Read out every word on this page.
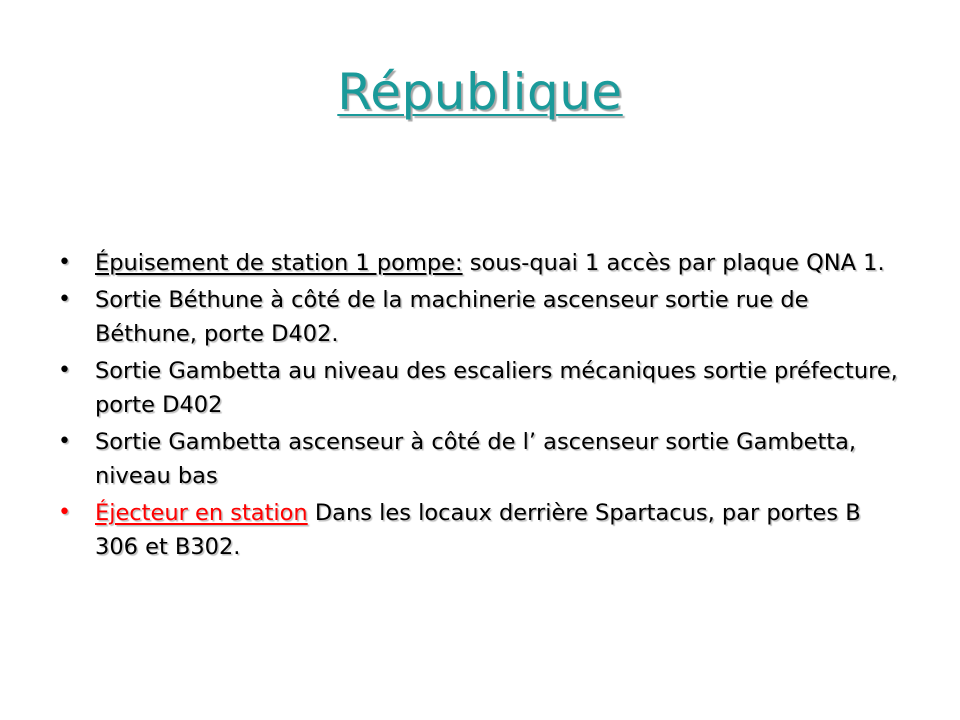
République
• Épuisement de station 1 pompe: sous-quai 1 accès par plaque QNA 1.
• Sortie Béthune à côté de la machinerie ascenseur sortie rue de Béthune, porte D402.
• Sortie Gambetta au niveau des escaliers mécaniques sortie préfecture, porte D402
• Sortie Gambetta ascenseur à côté de l’ ascenseur sortie Gambetta, niveau bas
• Éjecteur en station Dans les locaux derrière Spartacus, par portes B 306 et B302.
